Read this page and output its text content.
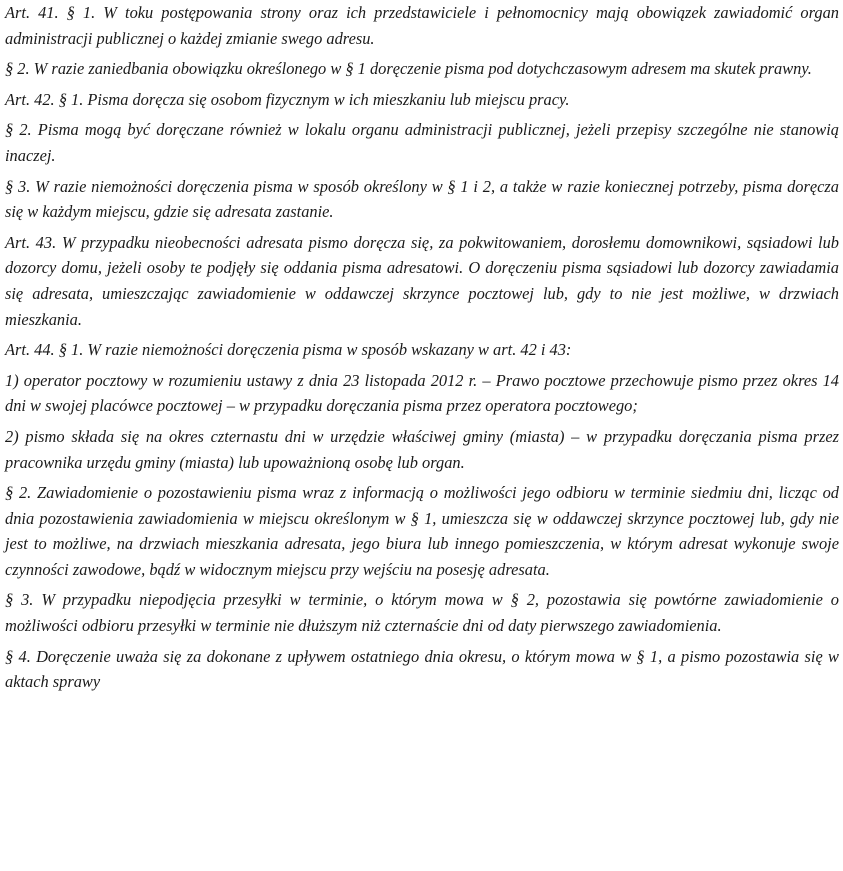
Art. 41. § 1. W toku postępowania strony oraz ich przedstawiciele i pełnomocnicy mają obowiązek zawiadomić organ administracji publicznej o każdej zmianie swego adresu.

§ 2. W razie zaniedbania obowiązku określonego w § 1 doręczenie pisma pod dotychczasowym adresem ma skutek prawny.

Art. 42. § 1. Pisma doręcza się osobom fizycznym w ich mieszkaniu lub miejscu pracy.

§ 2. Pisma mogą być doręczane również w lokalu organu administracji publicznej, jeżeli przepisy szczególne nie stanowią inaczej.

§ 3. W razie niemożności doręczenia pisma w sposób określony w § 1 i 2, a także w razie koniecznej potrzeby, pisma doręcza się w każdym miejscu, gdzie się adresata zastanie.

Art. 43. W przypadku nieobecności adresata pismo doręcza się, za pokwitowaniem, dorosłemu domownikowi, sąsiadowi lub dozorcy domu, jeżeli osoby te podjęły się oddania pisma adresatowi. O doręczeniu pisma sąsiadowi lub dozorcy zawiadamia się adresata, umieszczając zawiadomienie w oddawczej skrzynce pocztowej lub, gdy to nie jest możliwe, w drzwiach mieszkania.

Art. 44. § 1. W razie niemożności doręczenia pisma w sposób wskazany w art. 42 i 43:

1) operator pocztowy w rozumieniu ustawy z dnia 23 listopada 2012 r. – Prawo pocztowe przechowuje pismo przez okres 14 dni w swojej placówce pocztowej – w przypadku doręczania pisma przez operatora pocztowego;

2) pismo składa się na okres czternastu dni w urzędzie właściwej gminy (miasta) – w przypadku doręczania pisma przez pracownika urzędu gminy (miasta) lub upoważnioną osobę lub organ.

§ 2. Zawiadomienie o pozostawieniu pisma wraz z informacją o możliwości jego odbioru w terminie siedmiu dni, licząc od dnia pozostawienia zawiadomienia w miejscu określonym w § 1, umieszcza się w oddawczej skrzynce pocztowej lub, gdy nie jest to możliwe, na drzwiach mieszkania adresata, jego biura lub innego pomieszczenia, w którym adresat wykonuje swoje czynności zawodowe, bądź w widocznym miejscu przy wejściu na posesję adresata.

§ 3. W przypadku niepodjęcia przesyłki w terminie, o którym mowa w § 2, pozostawia się powtórne zawiadomienie o możliwości odbioru przesyłki w terminie nie dłuższym niż czternaście dni od daty pierwszego zawiadomienia.

§ 4. Doręczenie uważa się za dokonane z upływem ostatniego dnia okresu, o którym mowa w § 1, a pismo pozostawia się w aktach sprawy
